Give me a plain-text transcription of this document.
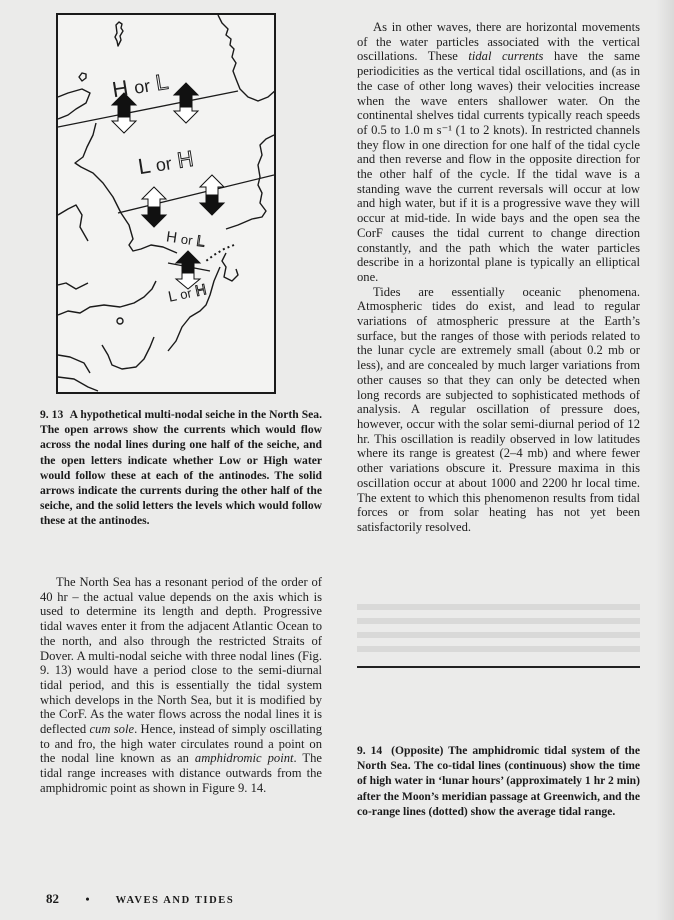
H or L
L or H
H or L
L or H
9. 13 A hypothetical multi-nodal seiche in the North Sea. The open arrows show the currents which would flow across the nodal lines during one half of the seiche, and the open letters indicate whether Low or High water would follow these at each of the antinodes. The solid arrows indicate the currents during the other half of the seiche, and the solid letters the levels which would follow these at the antinodes.

The North Sea has a resonant period of the order of 40 hr – the actual value depends on the axis which is used to determine its length and depth. Progressive tidal waves enter it from the adjacent Atlantic Ocean to the north, and also through the restricted Straits of Dover. A multi-nodal seiche with three nodal lines (Fig. 9. 13) would have a period close to the semi-diurnal tidal period, and this is essentially the tidal system which develops in the North Sea, but it is modified by the CorF. As the water flows across the nodal lines it is deflected cum sole. Hence, instead of simply oscillating to and fro, the high water circulates round a point on the nodal line known as an amphidromic point. The tidal range increases with distance outwards from the amphidromic point as shown in Figure 9. 14.

As in other waves, there are horizontal movements of the water particles associated with the vertical oscillations. These tidal currents have the same periodicities as the vertical tidal oscillations, and (as in the case of other long waves) their velocities increase when the wave enters shallower water. On the continental shelves tidal currents typically reach speeds of 0.5 to 1.0 m s⁻¹ (1 to 2 knots). In restricted channels they flow in one direction for one half of the tidal cycle and then reverse and flow in the opposite direction for the other half of the cycle. If the tidal wave is a standing wave the current reversals will occur at low and high water, but if it is a progressive wave they will occur at mid-tide. In wide bays and the open sea the CorF causes the tidal current to change direction constantly, and the path which the water particles describe in a horizontal plane is typically an elliptical one.

Tides are essentially oceanic phenomena. Atmospheric tides do exist, and lead to regular variations of atmospheric pressure at the Earth’s surface, but the ranges of those with periods related to the lunar cycle are extremely small (about 0.2 mb or less), and are concealed by much larger variations from other causes so that they can only be detected when long records are subjected to sophisticated methods of analysis. A regular oscillation of pressure does, however, occur with the solar semi-diurnal period of 12 hr. This oscillation is readily observed in low latitudes where its range is greatest (2–4 mb) and where fewer other variations obscure it. Pressure maxima in this oscillation occur at about 1000 and 2200 hr local time. The extent to which this phenomenon results from tidal forces or from solar heating has not yet been satisfactorily resolved.

9. 14 (Opposite) The amphidromic tidal system of the North Sea. The co-tidal lines (continuous) show the time of high water in ‘lunar hours’ (approximately 1 hr 2 min) after the Moon’s meridian passage at Greenwich, and the co-range lines (dotted) show the average tidal range.
82 • WAVES AND TIDES
